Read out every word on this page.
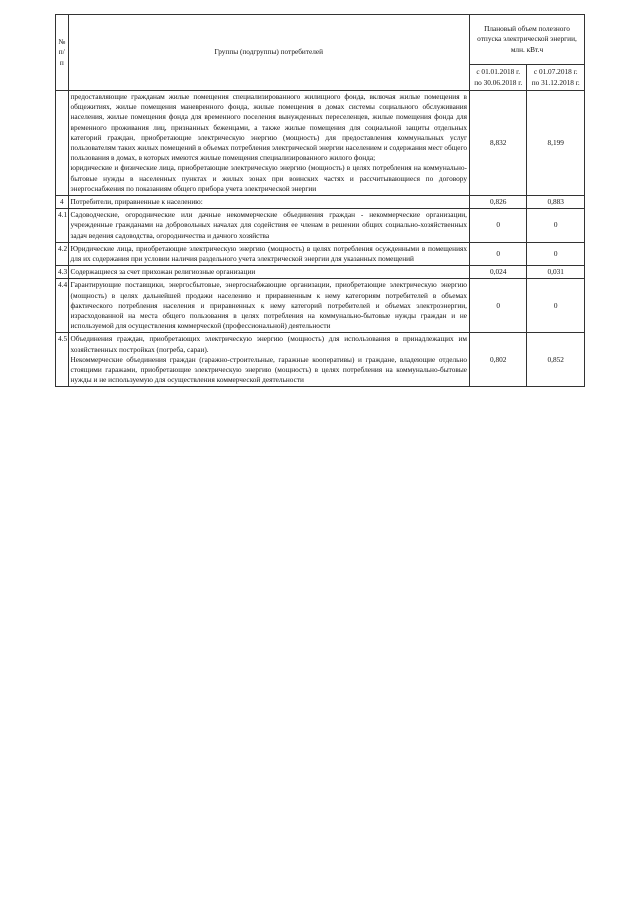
№ п/п	Группы (подгруппы) потребителей	Плановый объем полезного отпуска электрической энергии, млн. кВт.ч	
		с 01.01.2018 г. по 30.06.2018 г.	с 01.07.2018 г. по 31.12.2018 г.

	предоставляющие гражданам жилые помещения специализированного жилищного фонда, включая жилые помещения в общежитиях, жилые помещения маневренного фонда, жилые помещения в домах системы социального обслуживания населения, жилые помещения фонда для временного поселения вынужденных переселенцев, жилые помещения фонда для временного проживания лиц, признанных беженцами, а также жилые помещения для социальной защиты отдельных категорий граждан, приобретающие электрическую энергию (мощность) для предоставления коммунальных услуг пользователям таких жилых помещений в объемах потребления электрической энергии населением и содержания мест общего пользования в домах, в которых имеются жилые помещения специализированного жилого фонда;

юридические и физические лица, приобретающие электрическую энергию (мощность) в целях потребления на коммунально-бытовые нужды в населенных пунктах и жилых зонах при воинских частях и рассчитывающиеся по договору энергоснабжения по показаниям общего прибора учета электрической энергии	8,832	8,199
4	Потребители, приравненные к населению:	0,826	0,883
4.1	Садоводческие, огороднические или дачные некоммерческие объединения граждан - некоммерческие организации, учрежденные гражданами на добровольных началах для содействия ее членам в решении общих социально-хозяйственных задач ведения садоводства, огородничества и дачного хозяйства	0	0
4.2	Юридические лица, приобретающие электрическую энергию (мощность) в целях потребления осужденными в помещениях для их содержания при условии наличия раздельного учета электрической энергии для указанных помещений	0	0
4.3	Содержащиеся за счет прихожан религиозные организации	0,024	0,031
4.4	Гарантирующие поставщики, энергосбытовые, энергоснабжающие организации, приобретающие электрическую энергию (мощность) в целях дальнейшей продажи населению и приравненным к нему категориям потребителей в объемах фактического потребления населения и приравненных к нему категорий потребителей и объемах электроэнергии, израсходованной на места общего пользования в целях потребления на коммунально-бытовые нужды граждан и не используемой для осуществления коммерческой (профессиональной) деятельности	0	0
4.5	Объединения граждан, приобретающих электрическую энергию (мощность) для использования в принадлежащих им хозяйственных постройках (погреба, сараи).

Некоммерческие объединения граждан (гаражно-строительные, гаражные кооперативы) и граждане, владеющие отдельно стоящими гаражами, приобретающие электрическую энергию (мощность) в целях потребления на коммунально-бытовые нужды и не используемую для осуществления коммерческой деятельности	0,802	0,852
